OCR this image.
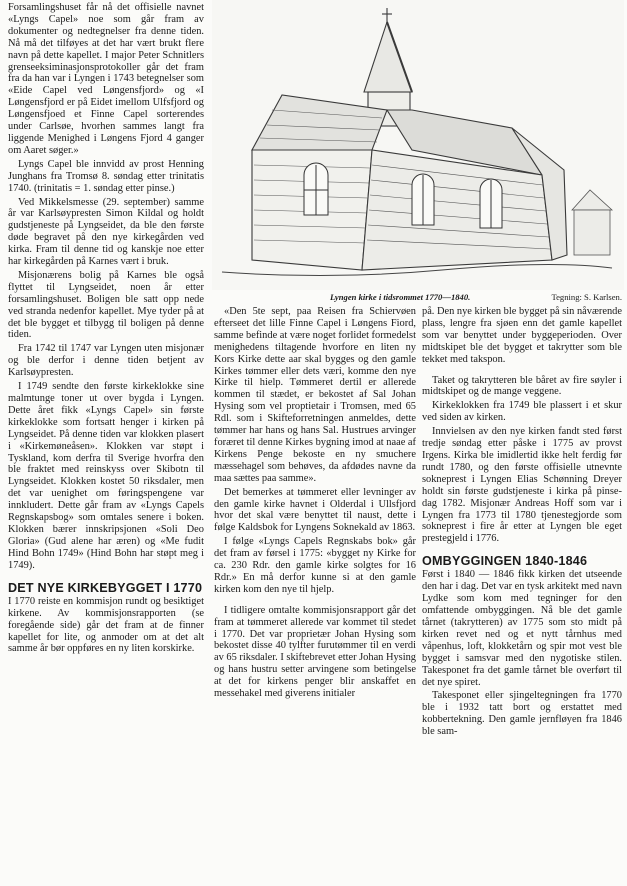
Lyngen kirke i tidsrommet 1770—1840.	Tegning: S. Karlsen.

Forsamlingshuset får nå det offisielle navnet «Lyngs Capel» noe som går fram av dokumenter og nedtegnelser fra denne tiden. Nå må det tilføyes at det har vært brukt flere navn på dette kapellet. I major Peter Schnitlers grenseeksiminasjonsprotokoller går det fram fra da han var i Lyngen i 1743 betegnelser som «Eide Capel ved Løngensfjord» og «I Løngensfjord er på Eidet imellom Ulfsfjord og Løngensfjoed et Finne Capel sorterendes under Carlsøe, hvorhen sammes langt fra liggende Menighed i Løngens Fjord 4 ganger om Aaret søger.»

Lyngs Capel ble innvidd av prost Henning Junghans fra Tromsø 8. søndag etter trinitatis 1740. (trinitatis = 1. søndag etter pinse.)

Ved Mikkelsmesse (29. september) samme år var Karlsøypresten Simon Kildal og holdt gudstjeneste på Lyngseidet, da ble den første døde begravet på den nye kirkegården ved kirka. Fram til denne tid og kanskje noe etter har kirkegården på Karnes vært i bruk.

Misjonærens bolig på Karnes ble også flyttet til Lyngseidet, noen år etter forsamlingshuset. Boligen ble satt opp nede ved stranda nedenfor kapellet. Mye tyder på at det ble bygget et tilbygg til boligen på denne tiden.

Fra 1742 til 1747 var Lyngen uten misjonær og ble derfor i denne tiden betjent av Karlsøypresten.

I 1749 sendte den første kirkeklokke sine malmtunge toner ut over bygda i Lyngen. Dette året fikk «Lyngs Capel» sin første kirkeklokke som fortsatt henger i kirken på Lyngseidet. På denne tiden var klokken plasert i «Kirkemøneåsen». Klokken var støpt i Tyskland, kom derfra til Sverige hvorfra den ble fraktet med reinskyss over Skibotn til Lyngseidet. Klokken kostet 50 riksdaler, men det var uenighet om føringspengene var innkludert. Dette går fram av «Lyngs Capels Regnskapsbog» som omtales senere i boken. Klokken bærer innskripsjonen «Soli Deo Gloria» (Gud alene har æren) og «Me fudit Hind Bohn 1749» (Hind Bohn har støpt meg i 1749).

DET NYE KIRKEBYGGET I 1770

I 1770 reiste en kommisjon rundt og besiktiget kirkene. Av kommisjonsrapporten (se foregående side) går det fram at de finner kapellet for lite, og anmoder om at det alt samme år bør oppføres en ny liten korskirke.

«Den 5te sept, paa Reisen fra Schiervøen efterseet det lille Finne Capel i Løngens Fiord, samme befinde at være noget forlidet formedelst menighedens tiltagende hvorfore en liten ny Kors Kirke dette aar skal bygges og den gamle Kirkes tømmer eller dets væri, komme den nye Kirke til hielp. Tømmeret dertil er allerede kommen til stædet, er bekostet af Sal Johan Hysing som vel proptietair i Tromsen, med 65 Rdl. som i Skifteforretningen anmeldes, dette tømmer har hans og hans Sal. Hustrues arvinger foræret til denne Kirkes bygning imod at naae af Kirkens Penge bekoste en ny smuchere mæssehagel som behøves, da afdødes navne da maa sættes paa samme».

Det bemerkes at tømmeret eller levninger av den gamle kirke havnet i Olderdal i Ullsfjord hvor det skal være benyttet til naust, dette i følge Kaldsbok for Lyngens Soknekald av 1863.

I følge «Lyngs Capels Regnskabs bok» går det fram av førsel i 1775: «bygget ny Kirke for ca. 230 Rdr. den gamle kirke solgtes for 16 Rdr.» En må derfor kunne si at den gamle kirken kom den nye til hjelp.

I tidligere omtalte kommisjonsrapport går det fram at tømmeret allerede var kommet til stedet i 1770. Det var proprietær Johan Hysing som bekostet disse 40 tylfter furutømmer til en verdi av 65 riksdaler. I skiftebrevet etter Johan Hysing og hans hustru setter arvingene som betingelse at det for kirkens penger blir anskaffet en messehakel med giverens initialer

på. Den nye kirken ble bygget på sin nåværende plass, lengre fra sjøen enn det gamle kapellet som var benyttet under byggeperioden. Over midtskipet ble det bygget et takrytter som ble tekket med takspon.

Taket og takrytteren ble båret av fire søyler i midtskipet og de mange veggene.

Kirkeklokken fra 1749 ble plassert i et skur ved siden av kirken.

Innvielsen av den nye kirken fandt sted først tredje søndag etter påske i 1775 av provst Irgens. Kirka ble imidlertid ikke helt ferdig før rundt 1780, og den første offisielle utnevnte sokneprest i Lyngen Elias Schønning Dreyer holdt sin første gudstjeneste i kirka på pinse- dag 1782. Misjonær Andreas Hoff som var i Lyngen fra 1773 til 1780 tjenestegjorde som sokneprest i fire år etter at Lyngen ble eget prestegjeld i 1776.

OMBYGGINGEN 1840-1846

Først i 1840 — 1846 fikk kirken det utseende den har i dag. Det var en tysk arkitekt med navn Lydke som kom med tegninger for den omfattende ombyggingen. Nå ble det gamle tårnet (takrytteren) av 1775 som sto midt på kirken revet ned og et nytt tårnhus med våpenhus, loft, klokketårn og spir mot vest ble bygget i samsvar med den nygotiske stilen. Takesponet fra det gamle tårnet ble overført til det nye spiret.

Takesponet eller sjingeltegningen fra 1770 ble i 1932 tatt bort og erstattet med kobbertekning. Den gamle jernfløyen fra 1846 ble sam-
